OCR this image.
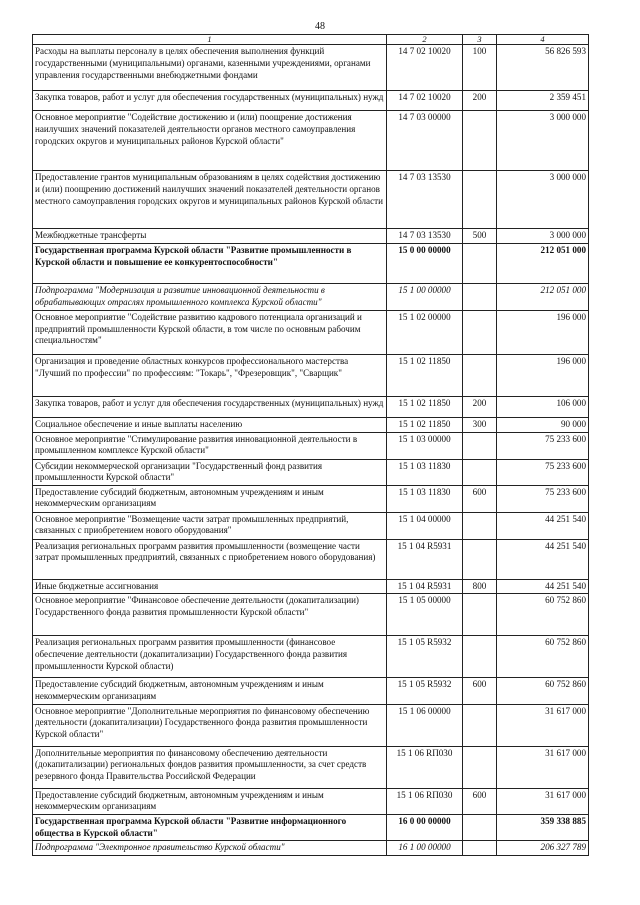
48
1	2	3	4
Расходы на выплаты персоналу в целях обеспечения выполнения функций государственными (муниципальными) органами, казенными учреждениями, органами управления государственными внебюджетными фондами	14 7 02 10020	100	56 826 593
Закупка товаров, работ и услуг для обеспечения государственных (муниципальных) нужд	14 7 02 10020	200	2 359 451
Основное мероприятие "Содействие достижению и (или) поощрение достижения наилучших значений показателей деятельности органов местного самоуправления городских округов и муниципальных районов Курской области"	14 7 03 00000		3 000 000
Предоставление грантов муниципальным образованиям в целях содействия достижению и (или) поощрению достижений наилучших значений показателей деятельности органов местного самоуправления городских округов и муниципальных районов Курской области	14 7 03 13530		3 000 000
Межбюджетные трансферты	14 7 03 13530	500	3 000 000
Государственная программа Курской области "Развитие промышленности в Курской области и повышение ее конкурентоспособности"	15 0 00 00000		212 051 000
Подпрограмма "Модернизация и развитие инновационной деятельности в обрабатывающих отраслях промышленного комплекса Курской области"	15 1 00 00000		212 051 000
Основное мероприятие "Содействие развитию кадрового потенциала организаций и предприятий промышленности Курской области, в том числе по основным рабочим специальностям"	15 1 02 00000		196 000
Организация и проведение областных конкурсов профессионального мастерства "Лучший по профессии" по профессиям: "Токарь", "Фрезеровщик", "Сварщик"	15 1 02 11850		196 000
Закупка товаров, работ и услуг для обеспечения государственных (муниципальных) нужд	15 1 02 11850	200	106 000
Социальное обеспечение и иные выплаты населению	15 1 02 11850	300	90 000
Основное мероприятие "Стимулирование развития инновационной деятельности в промышленном комплексе Курской области"	15 1 03 00000		75 233 600
Субсидии некоммерческой организации "Государственный фонд развития промышленности Курской области"	15 1 03 11830		75 233 600
Предоставление субсидий бюджетным, автономным учреждениям и иным некоммерческим организациям	15 1 03 11830	600	75 233 600
Основное мероприятие "Возмещение части затрат промышленных предприятий, связанных с приобретением нового оборудования"	15 1 04 00000		44 251 540
Реализация региональных программ развития промышленности (возмещение части затрат промышленных предприятий, связанных с приобретением нового оборудования)	15 1 04 R5931		44 251 540
Иные бюджетные ассигнования	15 1 04 R5931	800	44 251 540
Основное мероприятие "Финансовое обеспечение деятельности (докапитализации) Государственного фонда развития промышленности Курской области"	15 1 05 00000		60 752 860
Реализация региональных программ развития промышленности (финансовое обеспечение деятельности (докапитализации) Государственного фонда развития промышленности Курской области)	15 1 05 R5932		60 752 860
Предоставление субсидий бюджетным, автономным учреждениям и иным некоммерческим организациям	15 1 05 R5932	600	60 752 860
Основное мероприятие "Дополнительные мероприятия по финансовому обеспечению деятельности (докапитализации) Государственного фонда развития промышленности Курской области"	15 1 06 00000		31 617 000
Дополнительные мероприятия по финансовому обеспечению деятельности (докапитализации) региональных фондов развития промышленности, за счет средств резервного фонда Правительства Российской Федерации	15 1 06 RП030		31 617 000
Предоставление субсидий бюджетным, автономным учреждениям и иным некоммерческим организациям	15 1 06 RП030	600	31 617 000
Государственная программа Курской области "Развитие информационного общества в Курской области"	16 0 00 00000		359 338 885
Подпрограмма "Электронное правительство Курской области"	16 1 00 00000		206 327 789
